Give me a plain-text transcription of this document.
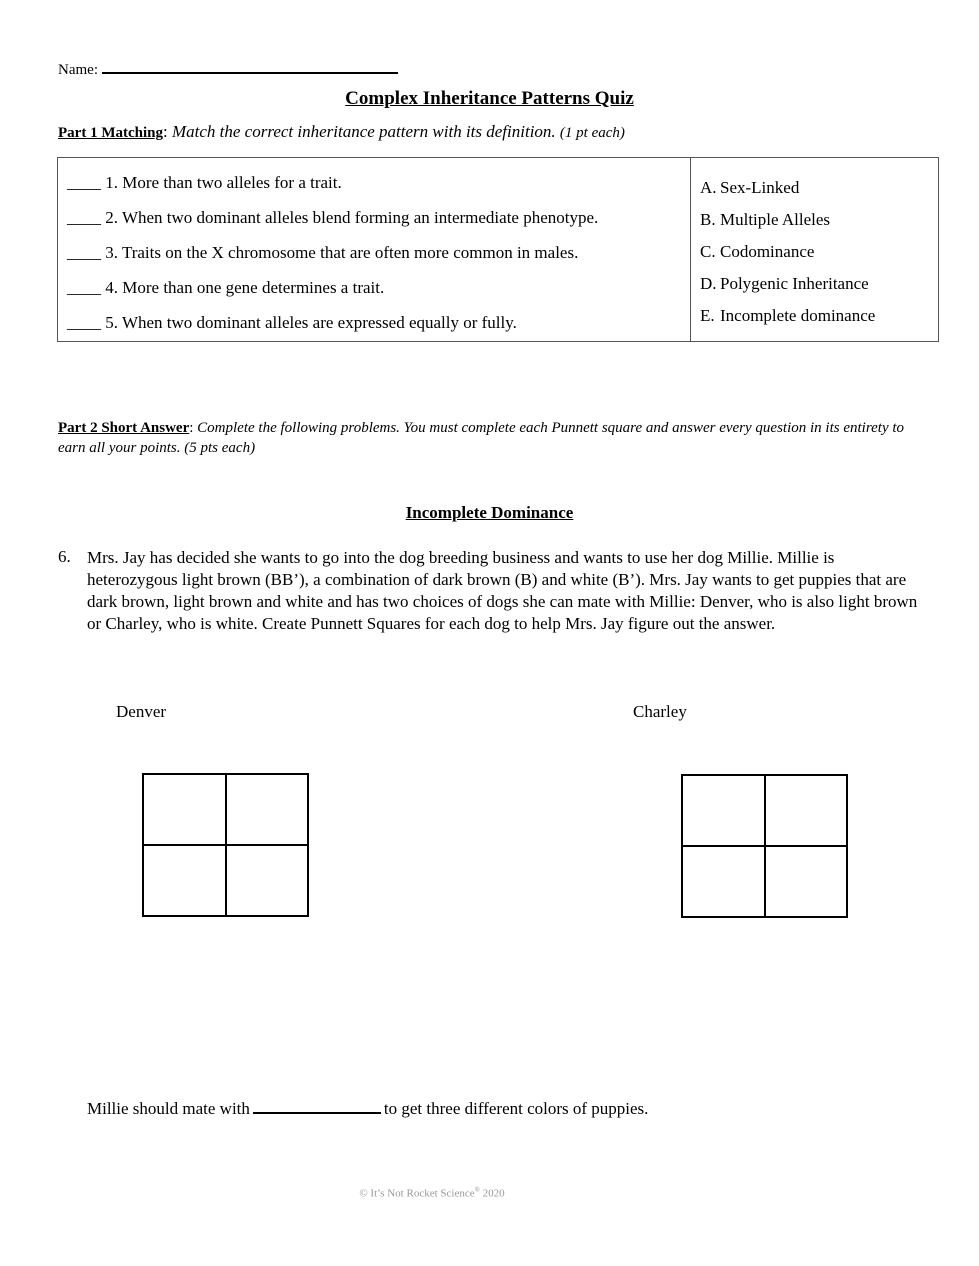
Name:
Complex Inheritance Patterns Quiz
Part 1 Matching: Match the correct inheritance pattern with its definition. (1 pt each)
____ 1. More than two alleles for a trait.
____ 2. When two dominant alleles blend forming an intermediate phenotype.
____ 3. Traits on the X chromosome that are often more common in males.
____ 4. More than one gene determines a trait.
____ 5. When two dominant alleles are expressed equally or fully.

A. Sex-Linked
B. Multiple Alleles
C. Codominance
D. Polygenic Inheritance
E. Incomplete dominance
Part 2 Short Answer: Complete the following problems. You must complete each Punnett square and answer every question in its entirety to earn all your points. (5 pts each)
Incomplete Dominance
6. Mrs. Jay has decided she wants to go into the dog breeding business and wants to use her dog Millie. Millie is heterozygous light brown (BB’), a combination of dark brown (B) and white (B’). Mrs. Jay wants to get puppies that are dark brown, light brown and white and has two choices of dogs she can mate with Millie: Denver, who is also light brown or Charley, who is white. Create Punnett Squares for each dog to help Mrs. Jay figure out the answer.
Denver	Charley
Millie should mate with	to get three different colors of puppies.
© It’s Not Rocket Science® 2020
